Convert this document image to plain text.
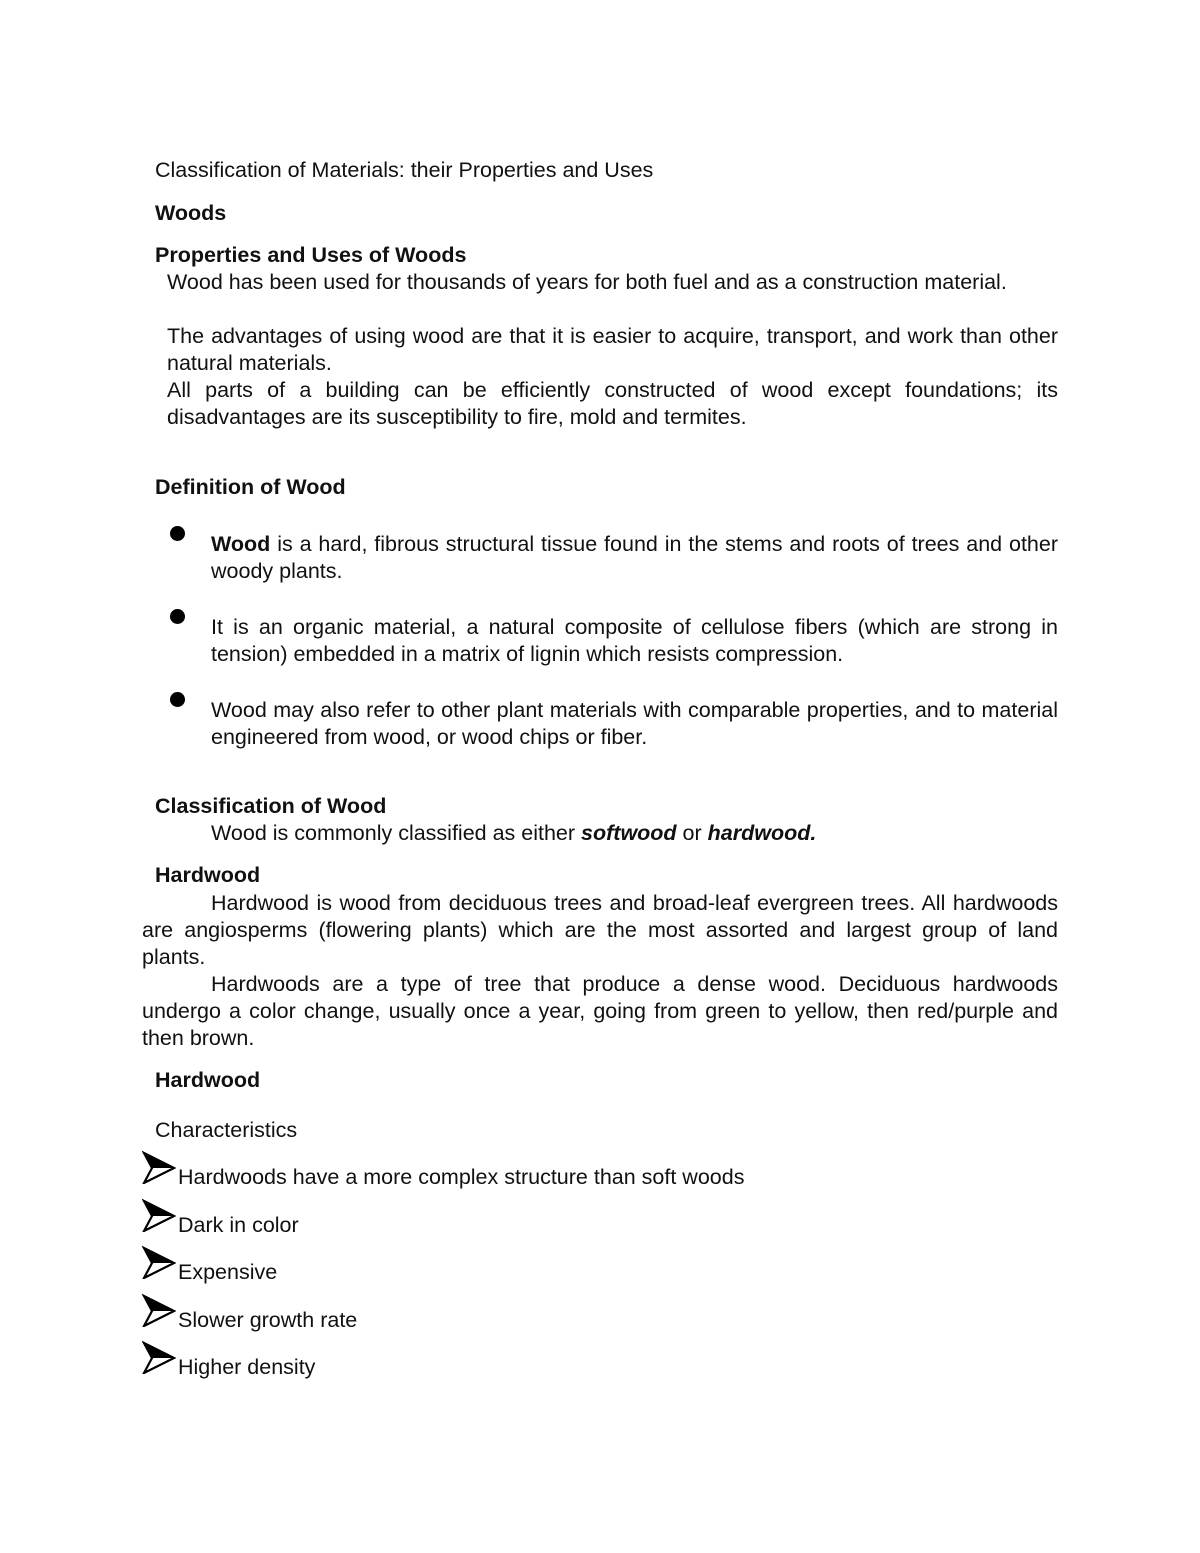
Classification of Materials: their Properties and Uses

Woods

Properties and Uses of Woods

Wood has been used for thousands of years for both fuel and as a construction material.

The advantages of using wood are that it is easier to acquire, transport, and work than other natural materials.

All parts of a building can be efficiently constructed of wood except foundations; its disadvantages are its susceptibility to fire, mold and termites.

Definition of Wood

Wood is a hard, fibrous structural tissue found in the stems and roots of trees and other woody plants.

It is an organic material, a natural composite of cellulose fibers (which are strong in tension) embedded in a matrix of lignin which resists compression.

Wood may also refer to other plant materials with comparable properties, and to material engineered from wood, or wood chips or fiber.

Classification of Wood

Wood is commonly classified as either softwood or hardwood.

Hardwood

Hardwood is wood from deciduous trees and broad-leaf evergreen trees. All hardwoods are angiosperms (flowering plants) which are the most assorted and largest group of land plants.

Hardwoods are a type of tree that produce a dense wood. Deciduous hardwoods undergo a color change, usually once a year, going from green to yellow, then red/purple and then brown.

Hardwood

Characteristics

Hardwoods have a more complex structure than soft woods

Dark in color

Expensive

Slower growth rate

Higher density
